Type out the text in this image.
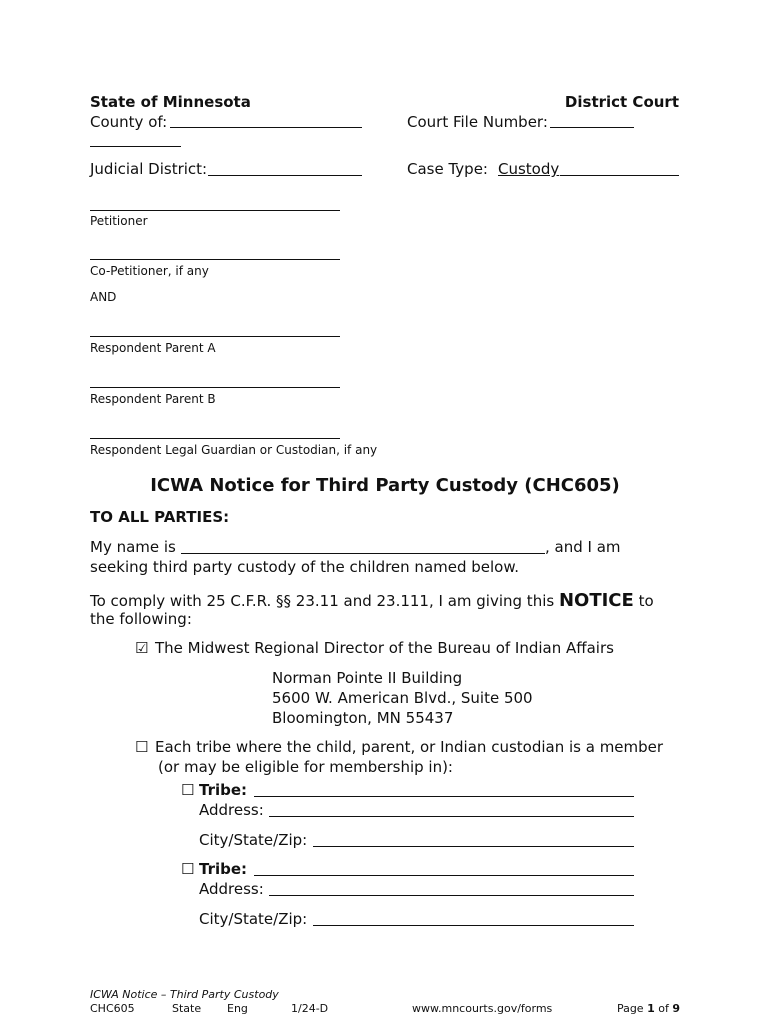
State of Minnesota	District Court
County of:	Court File Number:
Judicial District:	Case Type: Custody
Petitioner
Co-Petitioner, if any
AND
Respondent Parent A
Respondent Parent B
Respondent Legal Guardian or Custodian, if any
ICWA Notice for Third Party Custody (CHC605)
TO ALL PARTIES:
My name is	, and I am
seeking third party custody of the children named below.
To comply with 25 C.F.R. §§ 23.11 and 23.111, I am giving this NOTICE to
the following:
☑ The Midwest Regional Director of the Bureau of Indian Affairs
Norman Pointe II Building
5600 W. American Blvd., Suite 500
Bloomington, MN 55437
☐ Each tribe where the child, parent, or Indian custodian is a member
(or may be eligible for membership in):
☐ Tribe:
Address:
City/State/Zip:
☐ Tribe:
Address:
City/State/Zip:
ICWA Notice – Third Party Custody
CHC605	State Eng	1/24-D	www.mncourts.gov/forms	Page 1 of 9
